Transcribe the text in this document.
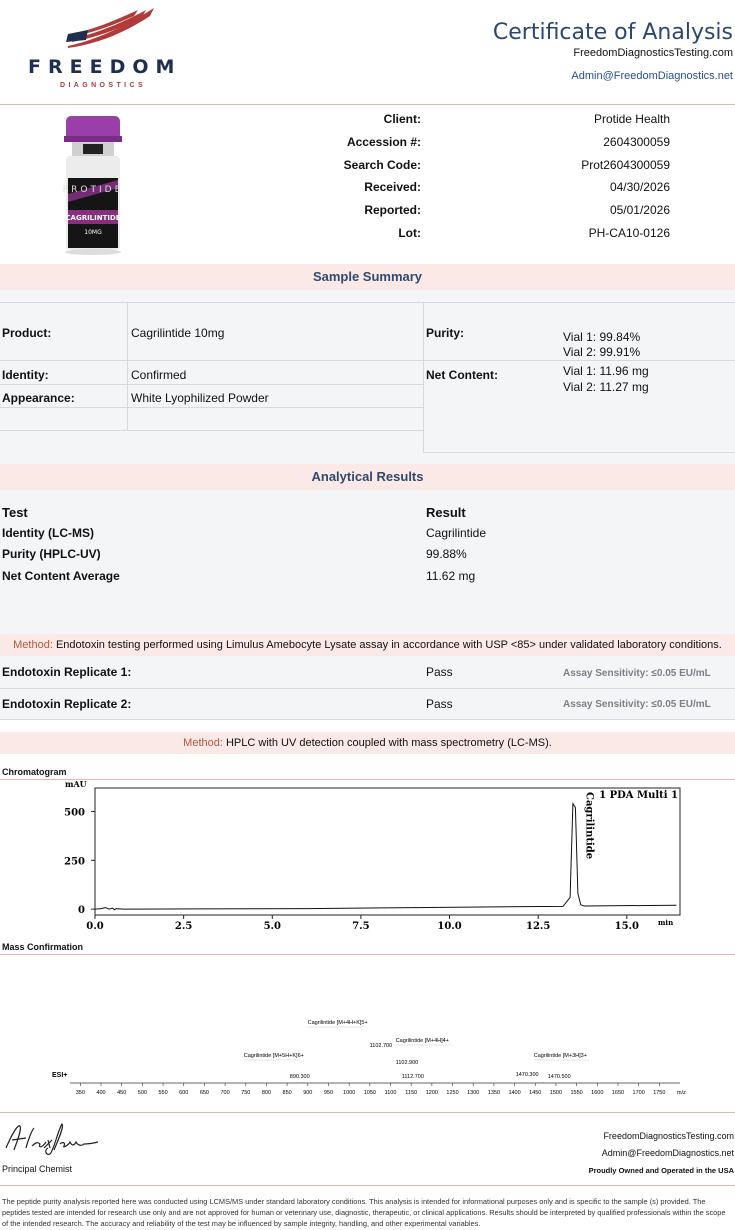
FREEDOM
DIAGNOSTICS
Certificate of Analysis
FreedomDiagnosticsTesting.com
Admin@FreedomDiagnostics.net
PROTIDE
CAGRILINTIDE
10MG
Client:	Protide Health
Accession #:	2604300059
Search Code:	Prot2604300059
Received:	04/30/2026
Reported:	05/01/2026
Lot:	PH-CA10-0126
Sample Summary
Product:	Cagrilintide 10mg	Purity:	Vial 1: 99.84%
Vial 2: 99.91%
Identity:	Confirmed	Net Content:	Vial 1: 11.96 mg
Vial 2: 11.27 mg
Appearance:	White Lyophilized Powder
Analytical Results
Test	Result
Identity (LC-MS)	Cagrilintide
Purity (HPLC-UV)	99.88%
Net Content Average	11.62 mg
Method: Endotoxin testing performed using Limulus Amebocyte Lysate assay in accordance with USP <85> under validated laboratory conditions.
Endotoxin Replicate 1:	Pass	Assay Sensitivity: ≤0.05 EU/mL
Endotoxin Replicate 2:	Pass	Assay Sensitivity: ≤0.05 EU/mL
Method: HPLC with UV detection coupled with mass spectrometry (LC-MS).
Chromatogram
0
250
500
0.0	2.5	5.0	7.5	10.0	12.5	15.0
mAU
min
1 PDA Multi 1
Cagrilintide
Mass Confirmation
350 400 450 500 550 600 650 700 750 800 850 900 950 1000 1050 1100 1150 1200 1250 1300 1350 1400 1450 1500 1550 1600 1650 1700 1750 m/z
ESI+	890.300
Cagrilintide [M+5H+K]6+
1102.700
Cagrilintide [M+4H+K]5+
1102.900
Cagrilintide [M+4H]4+
1112.700	1470.300 1470.500
Cagrilintide [M+3H]3+
Principal Chemist
FreedomDiagnosticsTesting.com
Admin@FreedomDiagnostics.net
Proudly Owned and Operated in the USA
The peptide purity analysis reported here was conducted using LCMS/MS under standard laboratory conditions. This analysis is intended for informational purposes only and is specific to the sample (s) provided. The peptides tested are intended for research use only and are not approved for human or veterinary use, diagnostic, therapeutic, or clinical applications. Results should be interpreted by qualified professionals within the scope of the intended research. The accuracy and reliability of the test may be influenced by sample integrity, handling, and other experimental variables.
